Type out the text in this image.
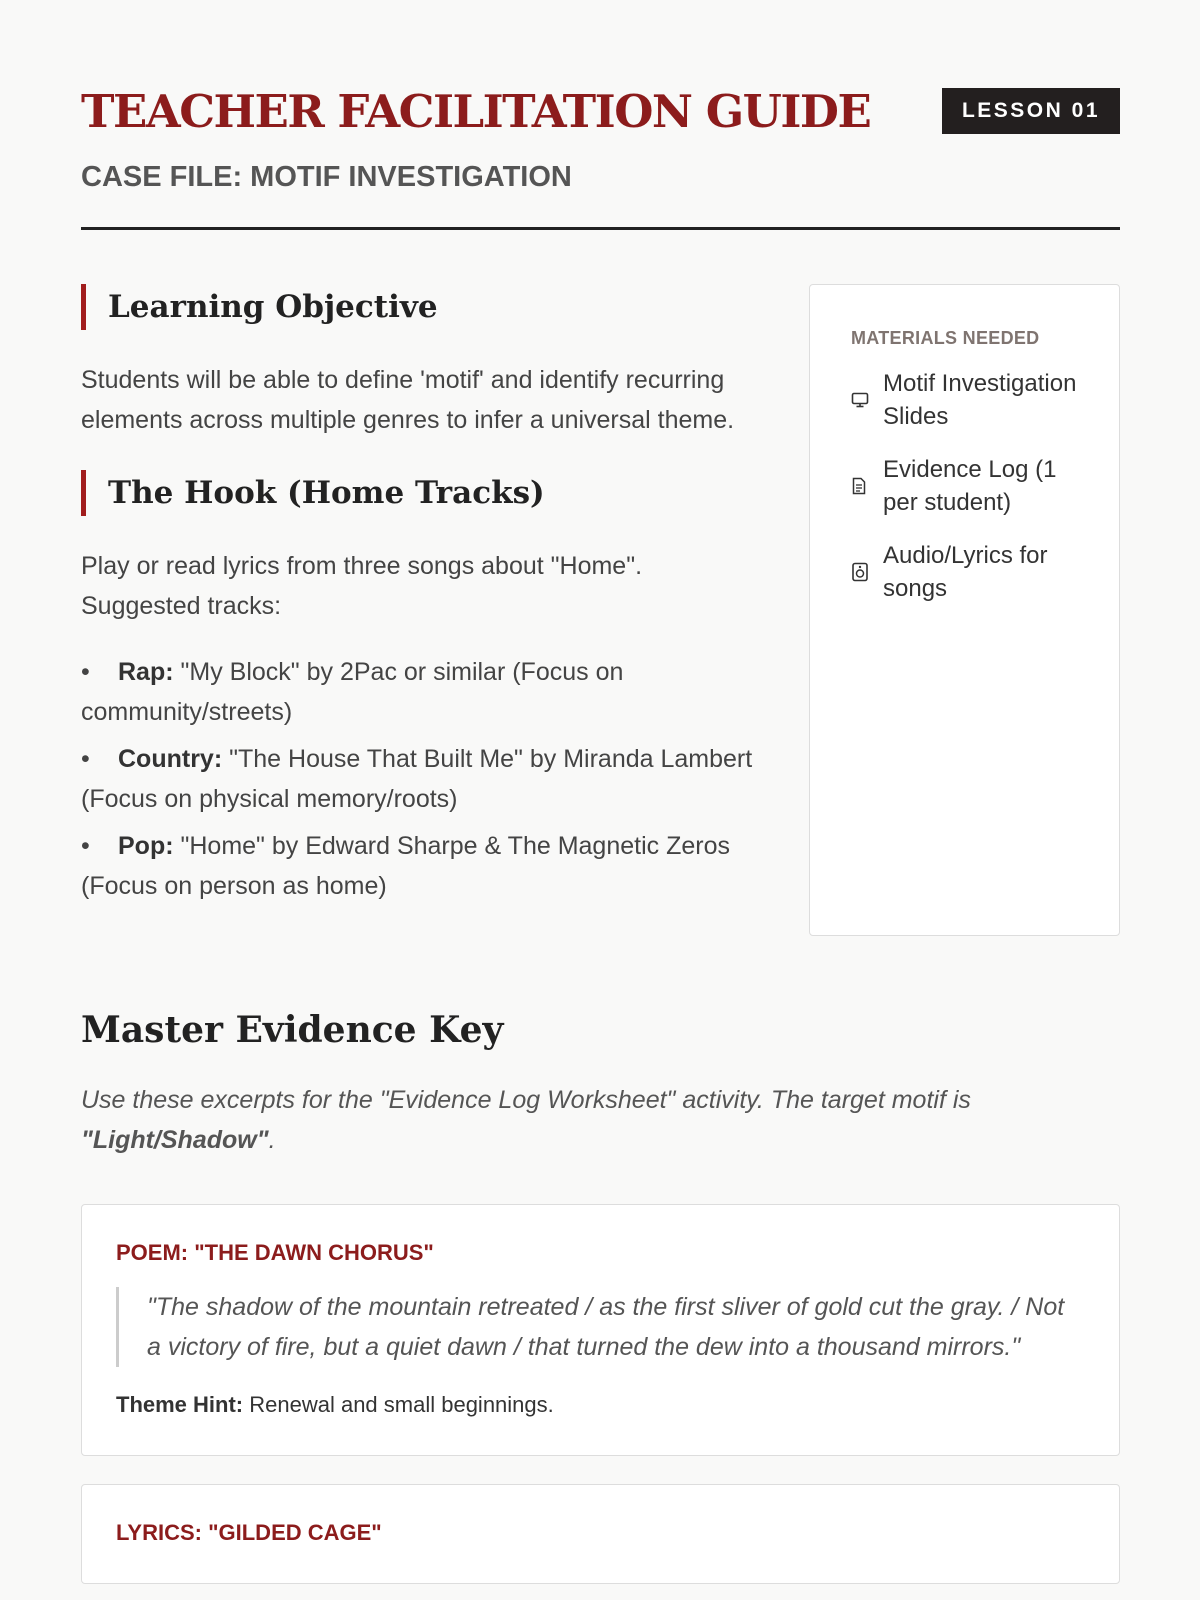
TEACHER FACILITATION GUIDE	LESSON 01
CASE FILE: MOTIF INVESTIGATION
Learning Objective

Students will be able to define 'motif' and identify recurring elements across multiple genres to infer a universal theme.

The Hook (Home Tracks)

Play or read lyrics from three songs about "Home". Suggested tracks:

• Rap: "My Block" by 2Pac or similar (Focus on community/streets)
• Country: "The House That Built Me" by Miranda Lambert (Focus on physical memory/roots)
• Pop: "Home" by Edward Sharpe & The Magnetic Zeros (Focus on person as home)
MATERIALS NEEDED
Motif Investigation Slides
Evidence Log (1 per student)
Audio/Lyrics for songs
Master Evidence Key

Use these excerpts for the "Evidence Log Worksheet" activity. The target motif is "Light/Shadow".

POEM: "THE DAWN CHORUS"
"The shadow of the mountain retreated / as the first sliver of gold cut the gray. / Not a victory of fire, but a quiet dawn / that turned the dew into a thousand mirrors."

Theme Hint: Renewal and small beginnings.

LYRICS: "GILDED CAGE"
